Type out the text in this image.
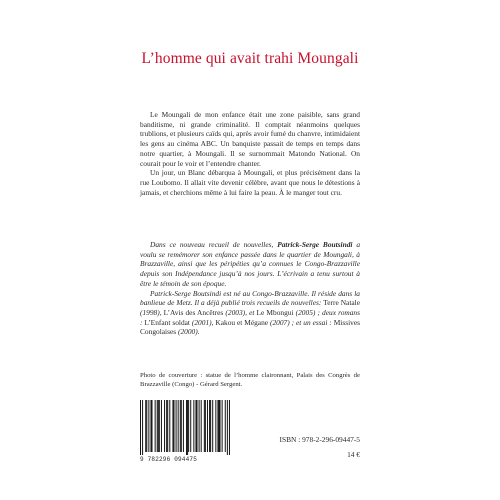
L’homme qui avait trahi Moungali

Le Moungali de mon enfance était une zone paisible, sans grand banditisme, ni grande criminalité. Il comptait néanmoins quelques trublions, et plusieurs caïds qui, après avoir fumé du chanvre, intimidaient les gens au cinéma ABC. Un banquiste passait de temps en temps dans notre quartier, à Moungali. Il se surnommait Matondo National. On courait pour le voir et l’entendre chanter.

Un jour, un Blanc débarqua à Moungali, et plus précisément dans la rue Loubomo. Il allait vite devenir célèbre, avant que nous le détestions à jamais, et cherchions même à lui faire la peau. À le manger tout cru.

Dans ce nouveau recueil de nouvelles, Patrick-Serge Boutsindi a voulu se remémorer son enfance passée dans le quartier de Moungali, à Brazzaville, ainsi que les péripéties qu’a connues le Congo-Brazzaville depuis son Indépendance jusqu’à nos jours. L’écrivain a tenu surtout à être le témoin de son époque.

Patrick-Serge Boutsindi est né au Congo-Brazzaville. Il réside dans la banlieue de Metz. Il a déjà publié trois recueils de nouvelles: Terre Natale (1998), L’Avis des Ancêtres (2003), et Le Mbongui (2005) ; deux romans : L’Enfant soldat (2001), Kakou et Mégane (2007) ; et un essai : Missives Congolaises (2000).

Photo de couverture : statue de l’homme claironnant, Palais des Congrès de Brazzaville (Congo) - Gérard Sergent.
9 782296 094475
ISBN : 978-2-296-09447-5
14 €
